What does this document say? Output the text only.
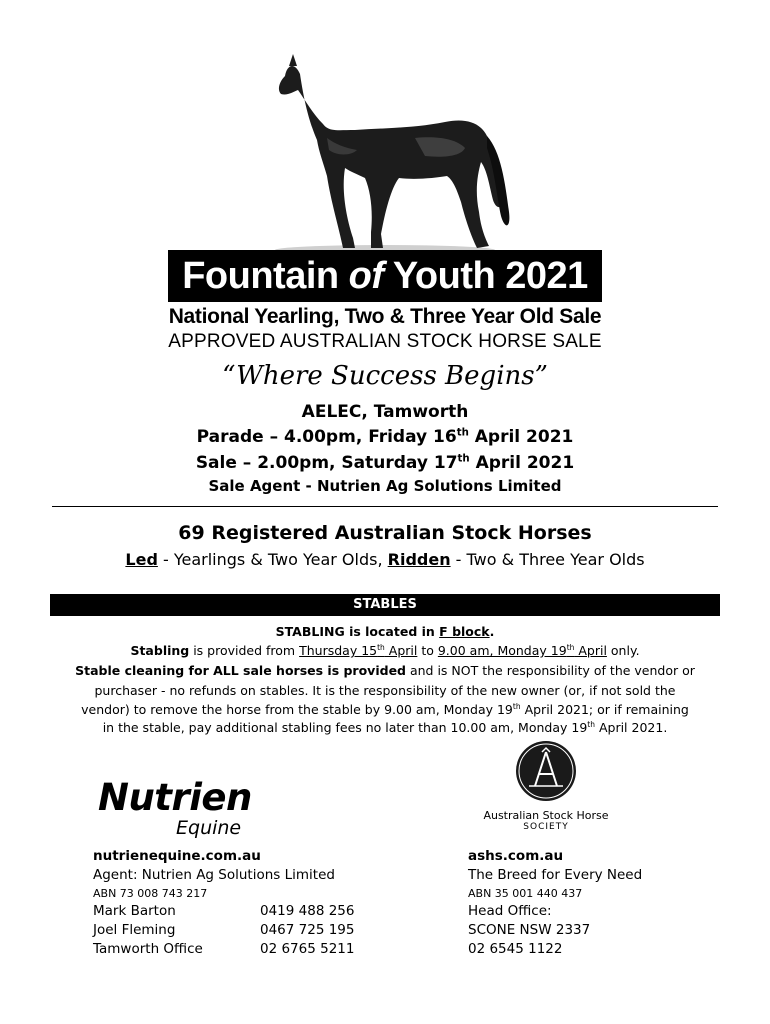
Fountain of Youth 2021
National Yearling, Two & Three Year Old Sale
APPROVED AUSTRALIAN STOCK HORSE SALE
“Where Success Begins”
AELEC, Tamworth
Parade – 4.00pm, Friday 16th April 2021
Sale – 2.00pm, Saturday 17th April 2021
Sale Agent - Nutrien Ag Solutions Limited
69 Registered Australian Stock Horses
Led - Yearlings & Two Year Olds, Ridden - Two & Three Year Olds
STABLES
STABLING is located in F block.
Stabling is provided from Thursday 15th April to 9.00 am, Monday 19th April only.
Stable cleaning for ALL sale horses is provided and is NOT the responsibility of the vendor or
purchaser - no refunds on stables. It is the responsibility of the new owner (or, if not sold the
vendor) to remove the horse from the stable by 9.00 am, Monday 19th April 2021; or if remaining
in the stable, pay additional stabling fees no later than 10.00 am, Monday 19th April 2021.
Nutrien
Equine
Australian Stock Horse
SOCIETY
nutrienequine.com.au
Agent: Nutrien Ag Solutions Limited
ABN 73 008 743 217
Mark Barton	0419 488 256
Joel Fleming	0467 725 195
Tamworth Office	02 6765 5211
ashs.com.au
The Breed for Every Need
ABN 35 001 440 437
Head Office:
SCONE NSW 2337
02 6545 1122
